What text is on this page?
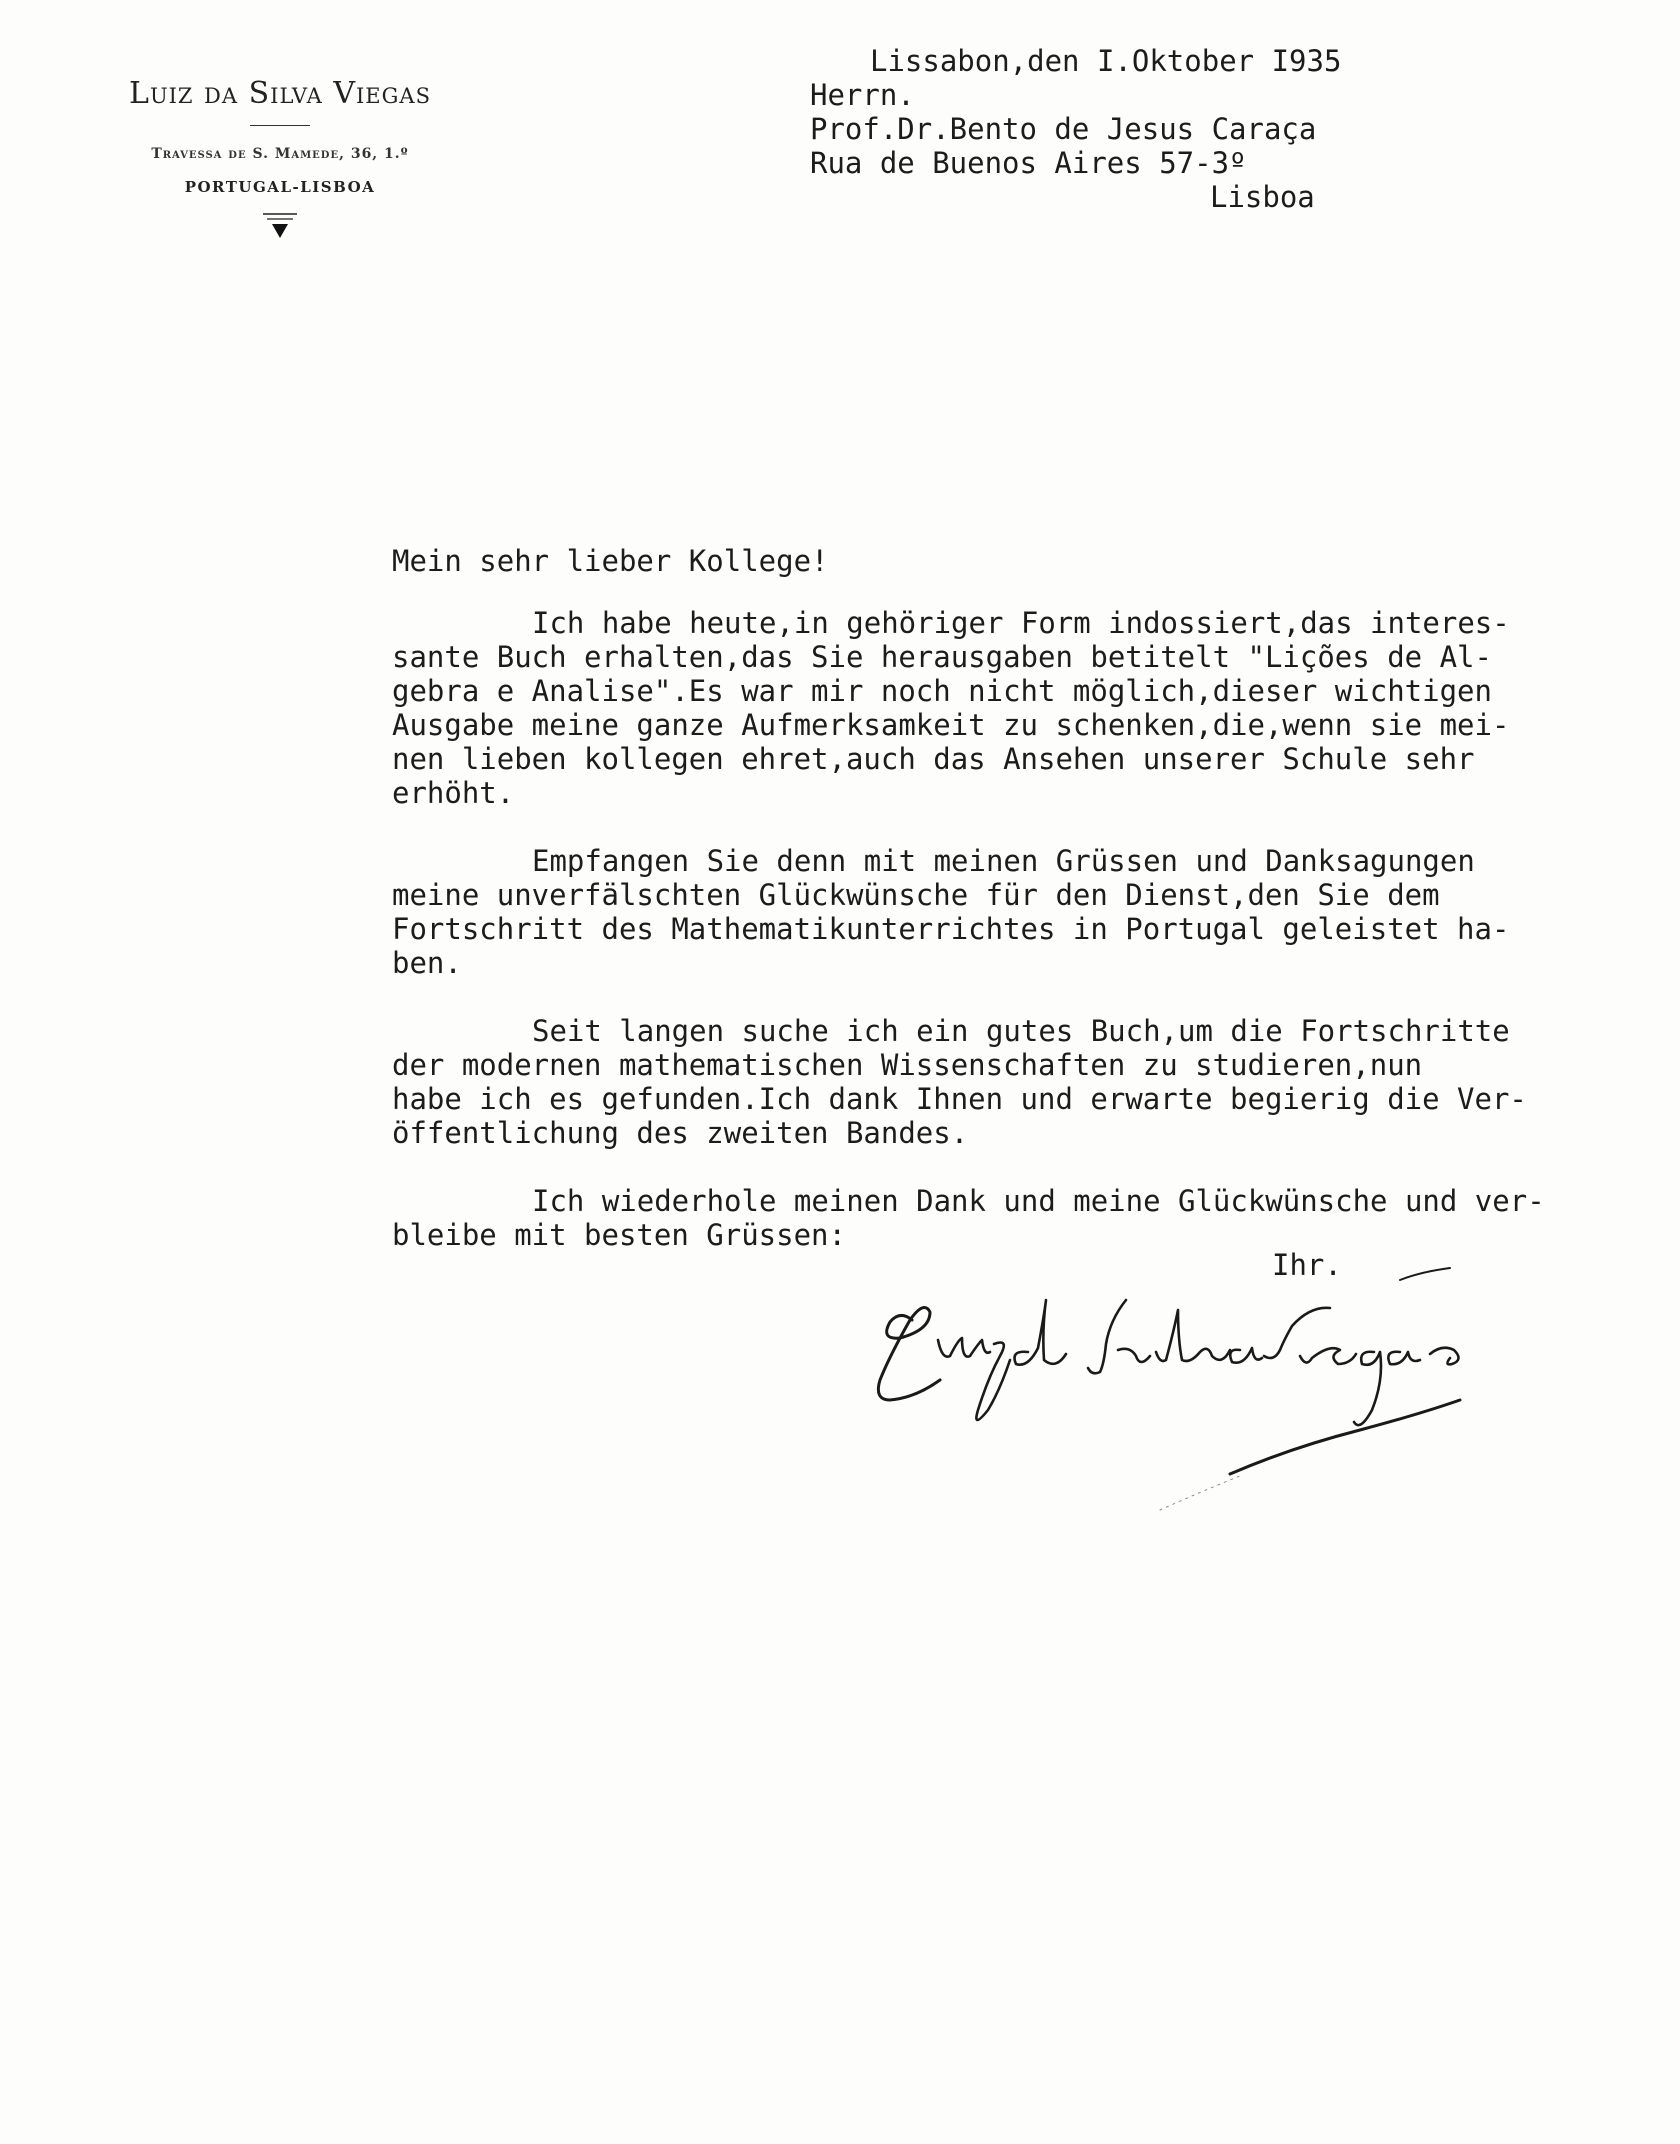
Luiz da Silva Viegas
Travessa de S. Mamede, 36, 1.º
PORTUGAL-LISBOA
Lissabon,den I.Oktober I935
Herrn.
Prof.Dr.Bento de Jesus Caraça
Rua de Buenos Aires 57-3º
Lisboa
Mein sehr lieber Kollege!
Ich habe heute,in gehöriger Form indossiert,das interes-
sante Buch erhalten,das Sie herausgaben betitelt "Lições de Al-
gebra e Analise".Es war mir noch nicht möglich,dieser wichtigen
Ausgabe meine ganze Aufmerksamkeit zu schenken,die,wenn sie mei-
nen lieben kollegen ehret,auch das Ansehen unserer Schule sehr
erhöht.
Empfangen Sie denn mit meinen Grüssen und Danksagungen
meine unverfälschten Glückwünsche für den Dienst,den Sie dem
Fortschritt des Mathematikunterrichtes in Portugal geleistet ha-
ben.
Seit langen suche ich ein gutes Buch,um die Fortschritte
der modernen mathematischen Wissenschaften zu studieren,nun
habe ich es gefunden.Ich dank Ihnen und erwarte begierig die Ver-
öffentlichung des zweiten Bandes.
Ich wiederhole meinen Dank und meine Glückwünsche und ver-
bleibe mit besten Grüssen:
Ihr.
